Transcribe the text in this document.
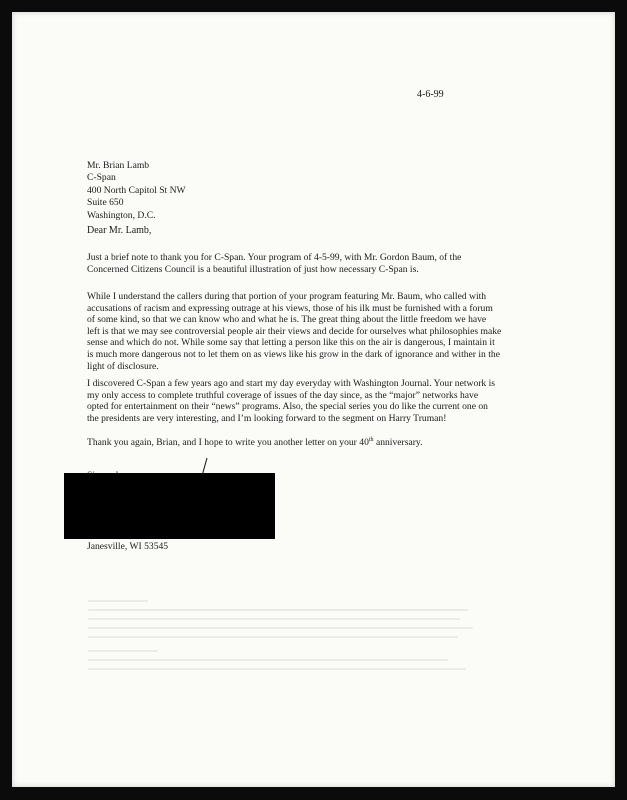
4-6-99
Mr. Brian Lamb
C-Span
400 North Capitol St NW
Suite 650
Washington, D.C.
Dear Mr. Lamb,
Just a brief note to thank you for C-Span. Your program of 4-5-99, with Mr. Gordon Baum, of the
Concerned Citizens Council is a beautiful illustration of just how necessary C-Span is.
While I understand the callers during that portion of your program featuring Mr. Baum, who called with
accusations of racism and expressing outrage at his views, those of his ilk must be furnished with a forum
of some kind, so that we can know who and what he is. The great thing about the little freedom we have
left is that we may see controversial people air their views and decide for ourselves what philosophies make
sense and which do not. While some say that letting a person like this on the air is dangerous, I maintain it
is much more dangerous not to let them on as views like his grow in the dark of ignorance and wither in the
light of disclosure.
I discovered C-Span a few years ago and start my day everyday with Washington Journal. Your network is
my only access to complete truthful coverage of issues of the day since, as the “major” networks have
opted for entertainment on their “news” programs. Also, the special series you do like the current one on
the presidents are very interesting, and I’m looking forward to the segment on Harry Truman!
Thank you again, Brian, and I hope to write you another letter on your 40th anniversary.
Janesville, WI 53545
